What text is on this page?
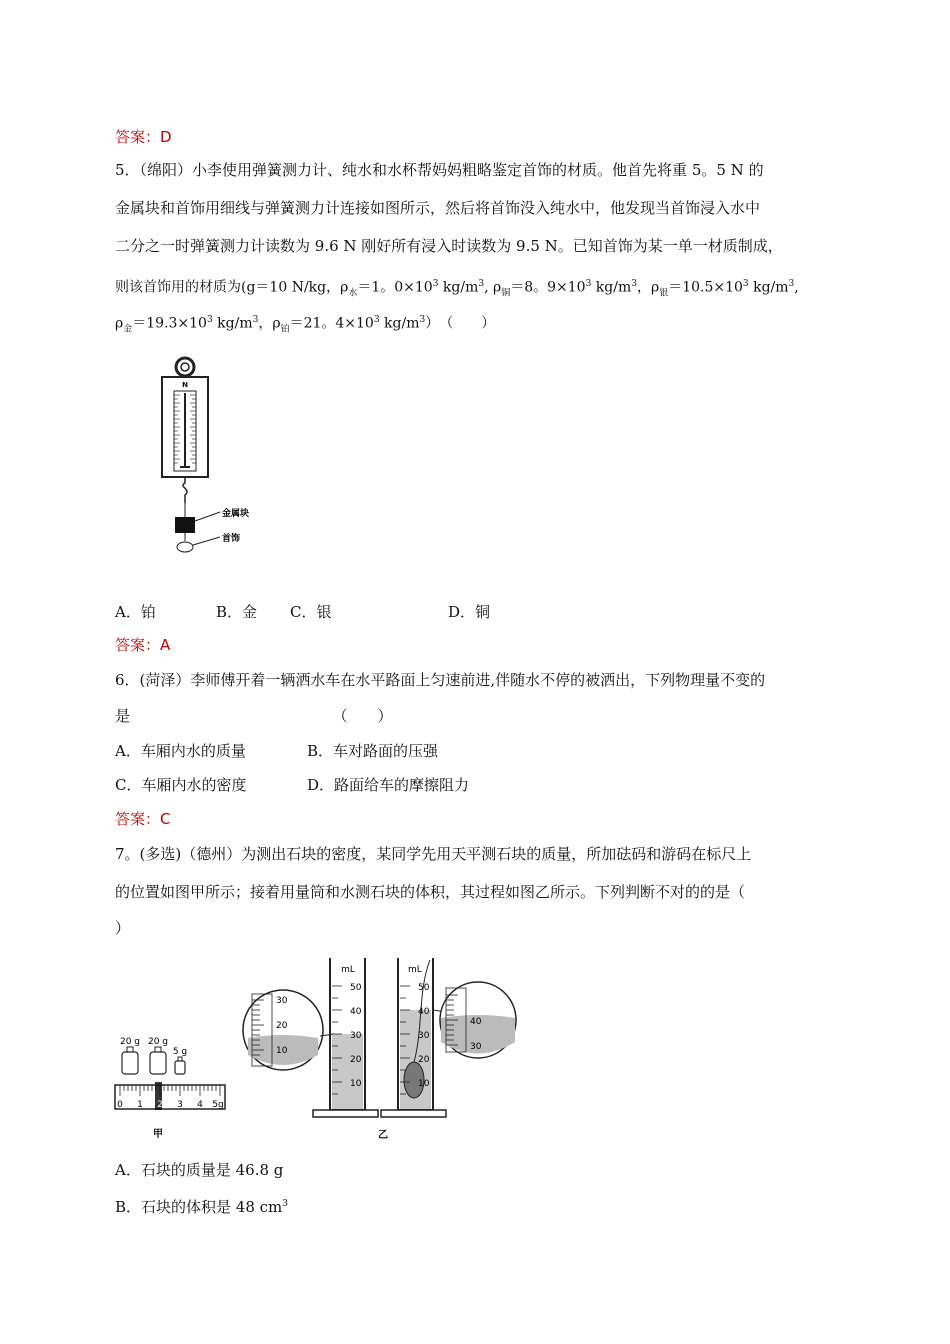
答案：D
5．（绵阳）小李使用弹簧测力计、纯水和水杯帮妈妈粗略鉴定首饰的材质。他首先将重 5。5 N 的
金属块和首饰用细线与弹簧测力计连接如图所示，然后将首饰没入纯水中，他发现当首饰浸入水中
二分之一时弹簧测力计读数为 9.6 N 刚好所有浸入时读数为 9.5 N。已知首饰为某一单一材质制成，
则该首饰用的材质为(g＝10 N/kg，$\rho_水=1$。$0\times 10^3$ $kg/m^3$, $\rho_铜=8$。$9\times 10^3$ $kg/m^3$，$\rho_银=10.5\times 10^3$ $kg/m^3$,
$\rho_金=19.3\times 10^3$ $kg/m^3$，$\rho_铂=21$。$4\times 10^3$ $kg/m^3$）　（　　）
N
金属块
首饰
A．铂	B．金 C．银	D．铜
答案：A
6．(菏泽）李师傅开着一辆洒水车在水平路面上匀速前进,伴随水不停的被洒出，下列物理量不变的
是　　　　　　　　　　　　　　（　　）
A．车厢内水的质量	B．车对路面的压强
C．车厢内水的密度	D．路面给车的摩擦阻力
答案：C
7。(多选)（德州）为测出石块的密度，某同学先用天平测石块的质量，所加砝码和游码在标尺上
的位置如图甲所示；接着用量筒和水测石块的体积，其过程如图乙所示。下列判断不对的的是（
）
20 g 20 g
5 g
0 1 2 3 4 5g
甲
30
20
10
mL
50
40
30
20
10
mL
50
40
30
20
10
40
30
乙
A．石块的质量是 46.8 g
B．石块的体积是 48 $cm^3$
